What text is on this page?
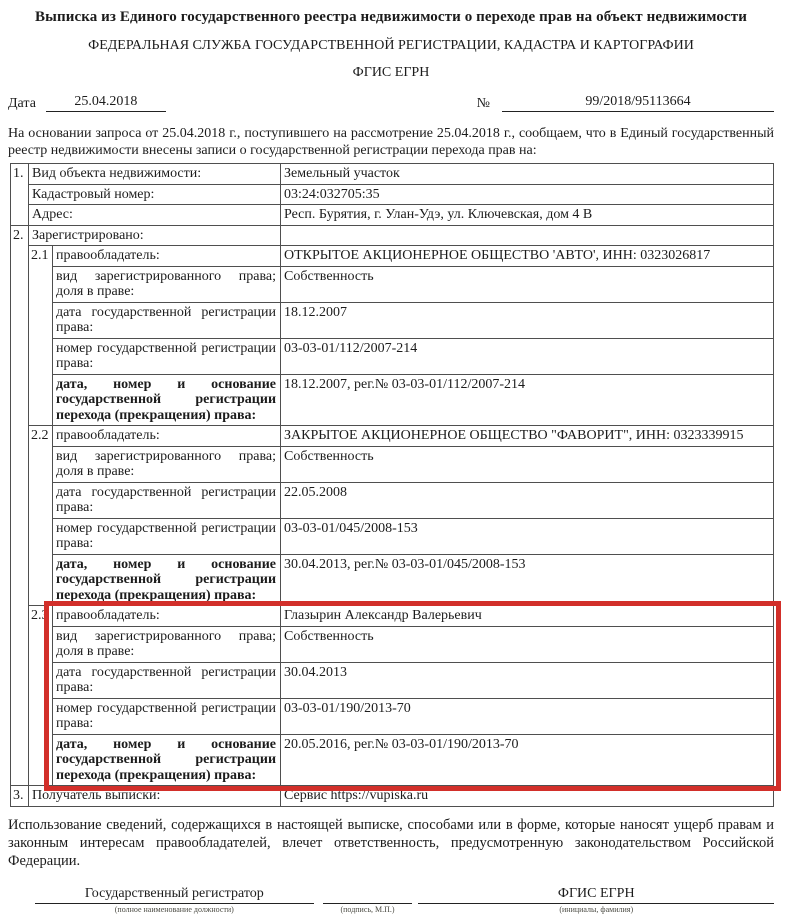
Выписка из Единого государственного реестра недвижимости о переходе прав на объект недвижимости
ФЕДЕРАЛЬНАЯ СЛУЖБА ГОСУДАРСТВЕННОЙ РЕГИСТРАЦИИ, КАДАСТРА И КАРТОГРАФИИ
ФГИС ЕГРН
Дата	25.04.2018	№	99/2018/95113664
На основании запроса от 25.04.2018 г., поступившего на рассмотрение 25.04.2018 г., сообщаем, что в Единый государственный реестр недвижимости внесены записи о государственной регистрации перехода прав на:
1.	Вид объекта недвижимости:		Земельный участок
	Кадастровый номер:		03:24:032705:35
	Адрес:		Респ. Бурятия, г. Улан-Удэ, ул. Ключевская, дом 4 В
2.	Зарегистрировано:		
	2.1	правообладатель:	ОТКРЫТОЕ АКЦИОНЕРНОЕ ОБЩЕСТВО 'АВТО', ИНН: 0323026817
		вид зарегистрированного права; доля в праве:	Собственность
		дата государственной регистрации права:	18.12.2007
		номер государственной регистрации права:	03-03-01/112/2007-214
		дата, номер и основание государственной регистрации перехода (прекращения) права:	18.12.2007, рег.№ 03-03-01/112/2007-214
	2.2	правообладатель:	ЗАКРЫТОЕ АКЦИОНЕРНОЕ ОБЩЕСТВО "ФАВОРИТ", ИНН: 0323339915
		вид зарегистрированного права; доля в праве:	Собственность
		дата государственной регистрации права:	22.05.2008
		номер государственной регистрации права:	03-03-01/045/2008-153
		дата, номер и основание государственной регистрации перехода (прекращения) права:	30.04.2013, рег.№ 03-03-01/045/2008-153
	2.3	правообладатель:	Глазырин Александр Валерьевич
		вид зарегистрированного права; доля в праве:	Собственность
		дата государственной регистрации права:	30.04.2013
		номер государственной регистрации права:	03-03-01/190/2013-70
		дата, номер и основание государственной регистрации перехода (прекращения) права:	20.05.2016, рег.№ 03-03-01/190/2013-70
3.	Получатель выписки:		Сервис https://vupiska.ru
Использование сведений, содержащихся в настоящей выписке, способами или в форме, которые наносят ущерб правам и законным интересам правообладателей, влечет ответственность, предусмотренную законодательством Российской Федерации.
Государственный регистратор
(полное наименование должности)	(подпись, М.П.)
ФГИС ЕГРН
(инициалы, фамилия)
